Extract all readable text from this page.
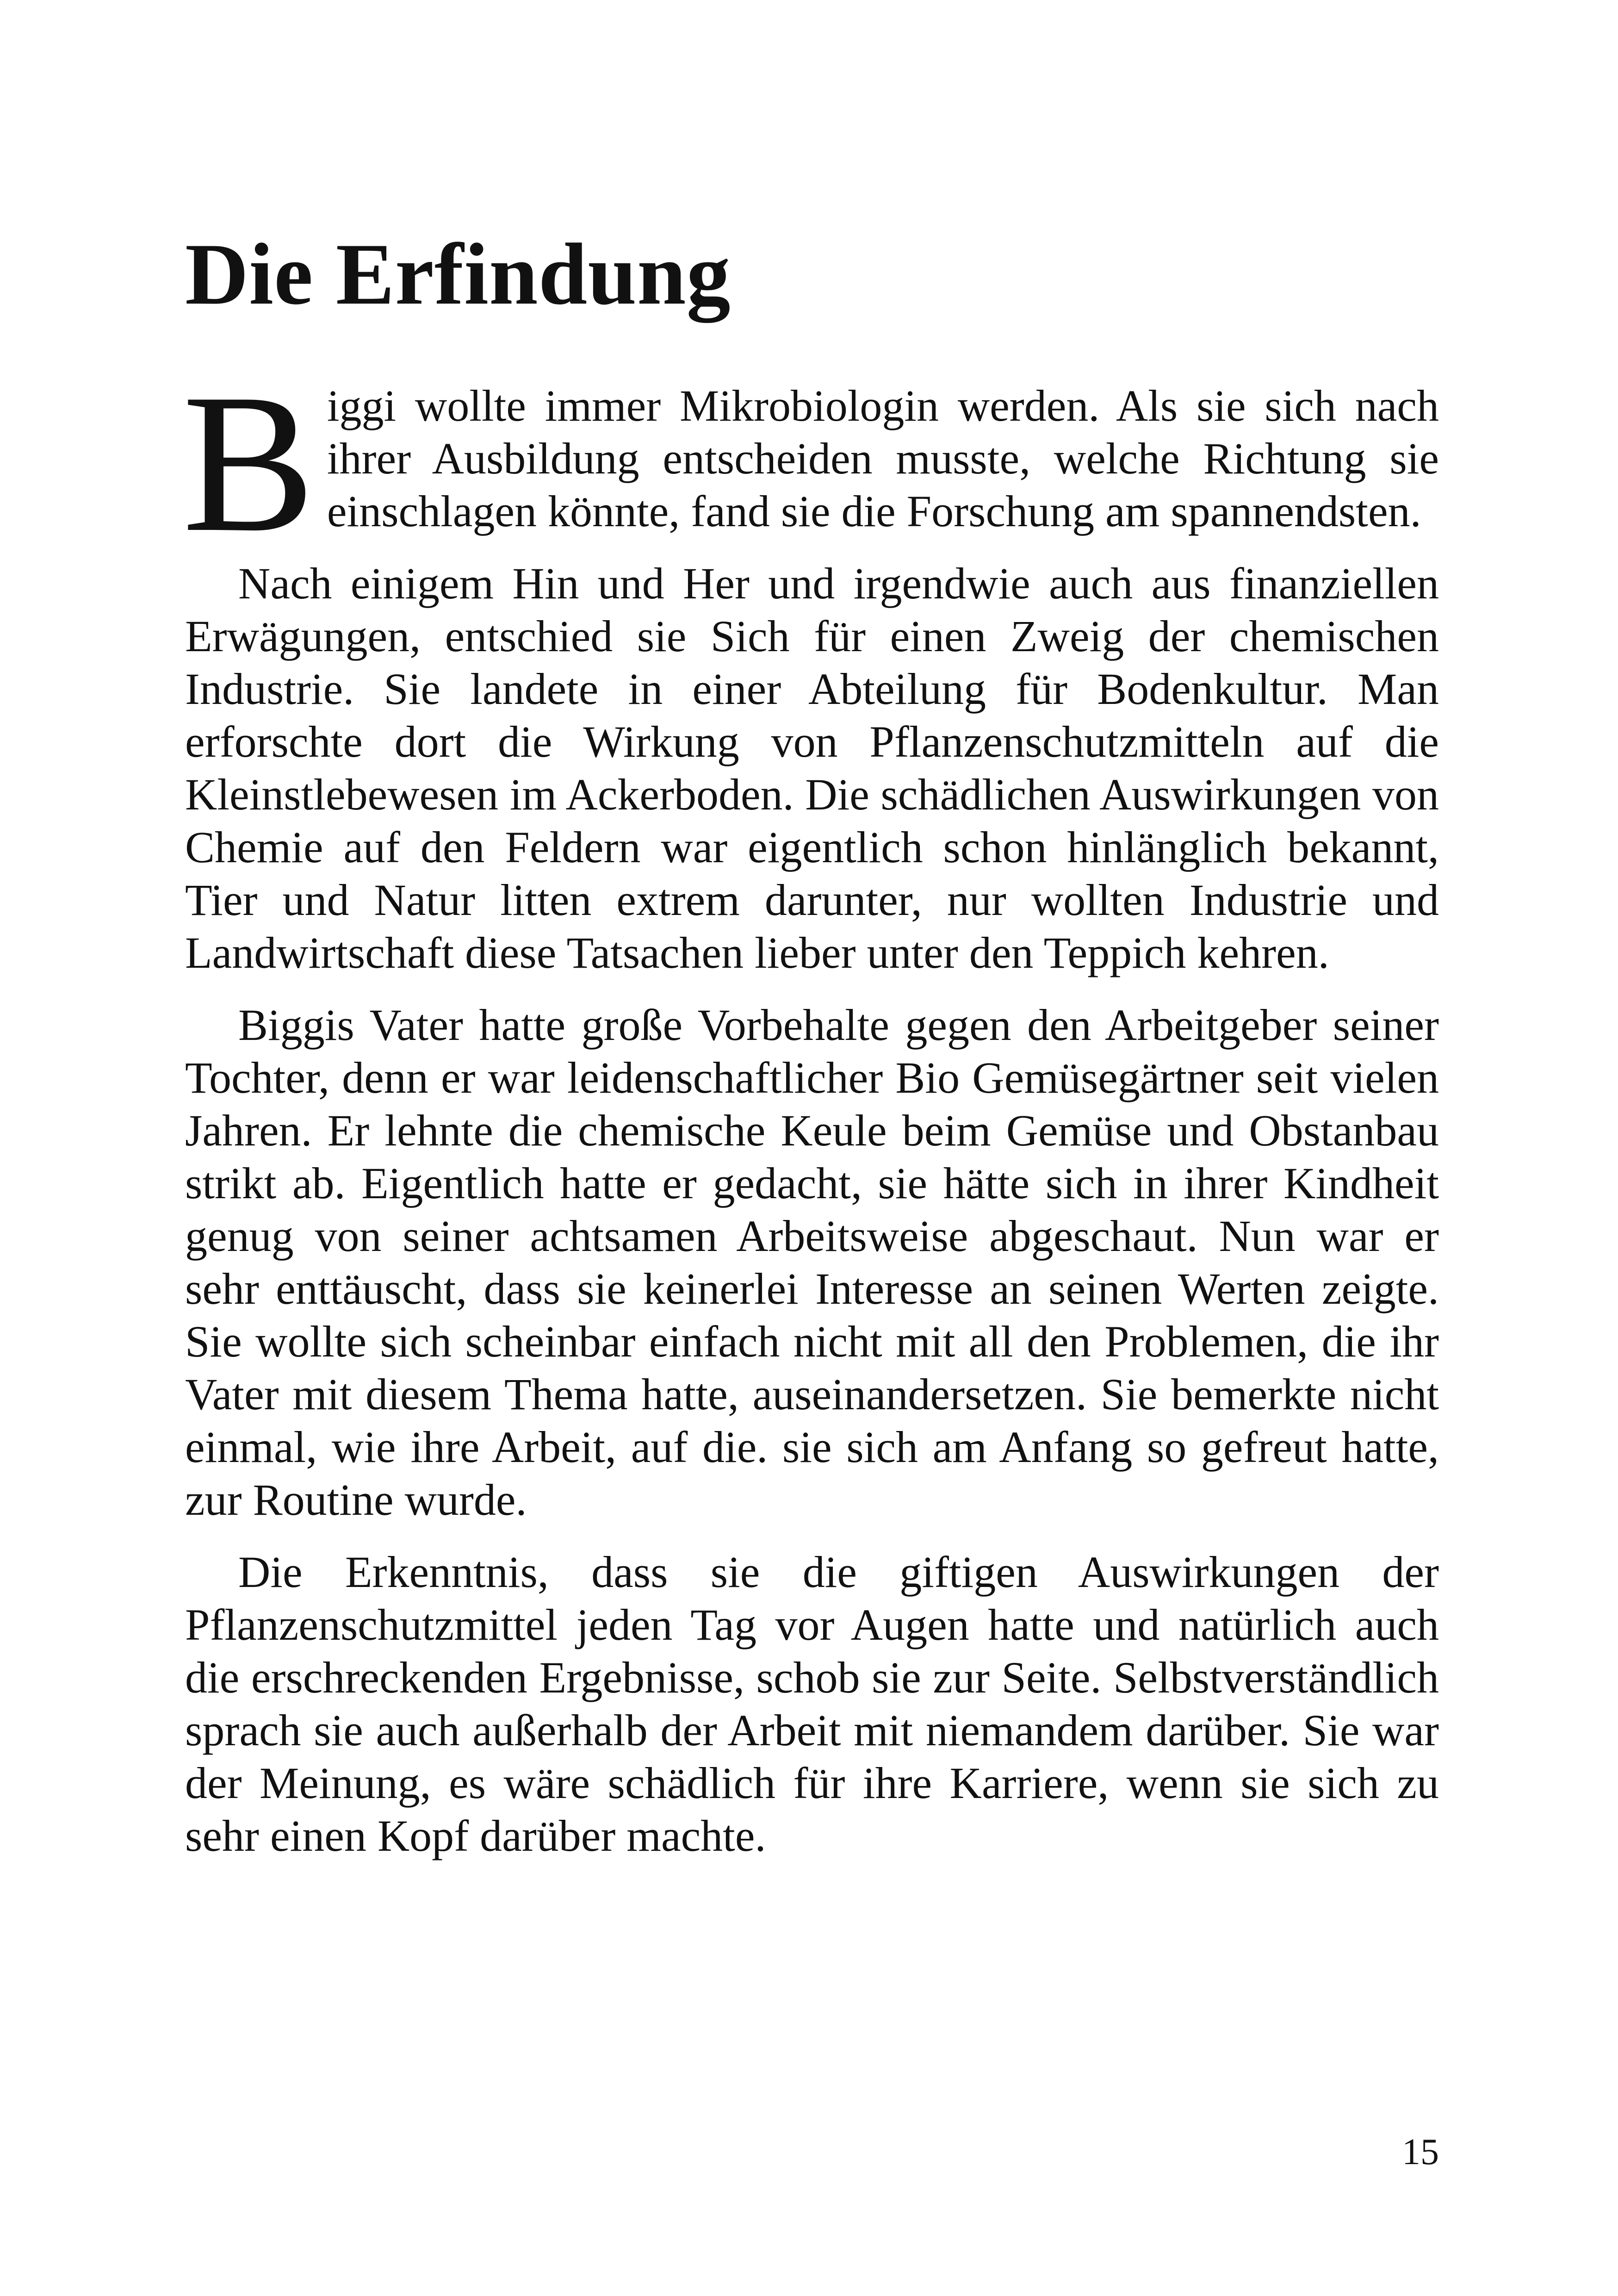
Die Erfindung

Biggi wollte immer Mikrobiologin werden. Als sie sich nach ihrer Ausbildung entscheiden musste, welche Richtung sie einschlagen könnte, fand sie die Forschung am spannendsten.

Nach einigem Hin und Her und irgendwie auch aus finanziellen Erwägungen, entschied sie Sich für einen Zweig der chemischen Industrie. Sie landete in einer Abteilung für Bodenkultur. Man erforschte dort die Wirkung von Pflanzenschutzmitteln auf die Kleinstlebewesen im Ackerboden. Die schädlichen Auswirkungen von Chemie auf den Feldern war eigentlich schon hinlänglich bekannt, Tier und Natur litten extrem darunter, nur wollten Industrie und Landwirtschaft diese Tatsachen lieber unter den Teppich kehren.

Biggis Vater hatte große Vorbehalte gegen den Arbeitgeber seiner Tochter, denn er war leidenschaftlicher Bio Gemüsegärtner seit vielen Jahren. Er lehnte die chemische Keule beim Gemüse und Obstanbau strikt ab. Eigentlich hatte er gedacht, sie hätte sich in ihrer Kindheit genug von seiner achtsamen Arbeitsweise abgeschaut. Nun war er sehr enttäuscht, dass sie keinerlei Interesse an seinen Werten zeigte. Sie wollte sich scheinbar einfach nicht mit all den Problemen, die ihr Vater mit diesem Thema hatte, auseinandersetzen. Sie bemerkte nicht einmal, wie ihre Arbeit, auf die. sie sich am Anfang so gefreut hatte, zur Routine wurde.

Die Erkenntnis, dass sie die giftigen Auswirkungen der Pflanzenschutzmittel jeden Tag vor Augen hatte und natürlich auch die erschreckenden Ergebnisse, schob sie zur Seite. Selbstverständlich sprach sie auch außerhalb der Arbeit mit niemandem darüber. Sie war der Meinung, es wäre schädlich für ihre Karriere, wenn sie sich zu sehr einen Kopf darüber machte.

15
